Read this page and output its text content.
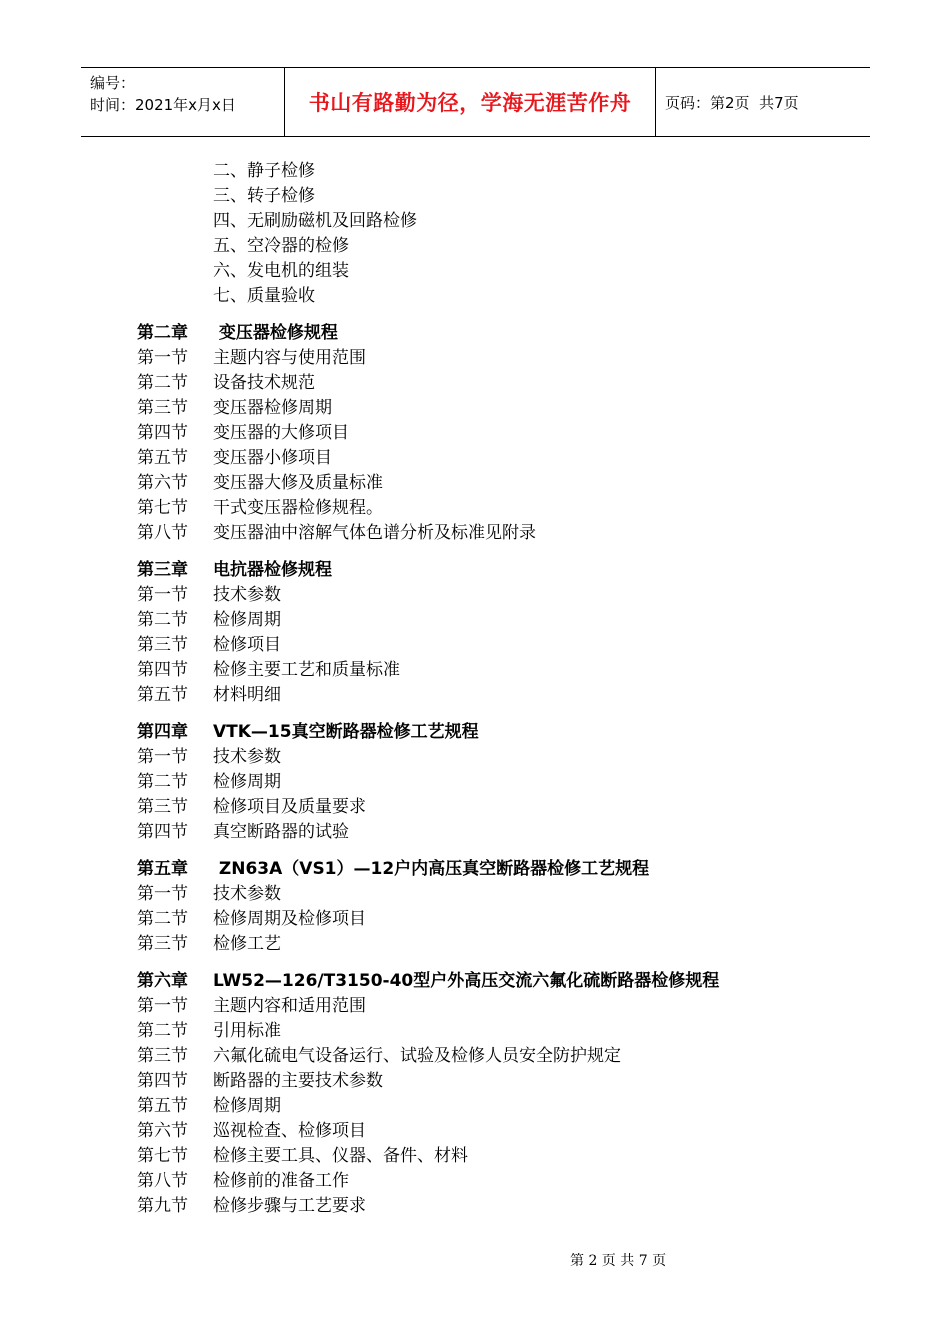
编号：
时间：2021年x月x日	书山有路勤为径，学海无涯苦作舟	页码：第2页  共7页
二、静子检修
三、转子检修
四、无刷励磁机及回路检修
五、空冷器的检修
六、发电机的组装
七、质量验收
第二章 变压器检修规程
第一节 主题内容与使用范围
第二节 设备技术规范
第三节 变压器检修周期
第四节 变压器的大修项目
第五节 变压器小修项目
第六节 变压器大修及质量标准
第七节 干式变压器检修规程。
第八节 变压器油中溶解气体色谱分析及标准见附录
第三章 电抗器检修规程
第一节 技术参数
第二节 检修周期
第三节 检修项目
第四节 检修主要工艺和质量标准
第五节 材料明细
第四章 VTK—15真空断路器检修工艺规程
第一节 技术参数
第二节 检修周期
第三节 检修项目及质量要求
第四节 真空断路器的试验
第五章 ZN63A（VS1）—12户内高压真空断路器检修工艺规程
第一节 技术参数
第二节 检修周期及检修项目
第三节 检修工艺
第六章 LW52—126/T3150-40型户外高压交流六氟化硫断路器检修规程
第一节 主题内容和适用范围
第二节 引用标准
第三节 六氟化硫电气设备运行、试验及检修人员安全防护规定
第四节 断路器的主要技术参数
第五节 检修周期
第六节 巡视检查、检修项目
第七节 检修主要工具、仪器、备件、材料
第八节 检修前的准备工作
第九节 检修步骤与工艺要求

第 2 页 共 7 页
